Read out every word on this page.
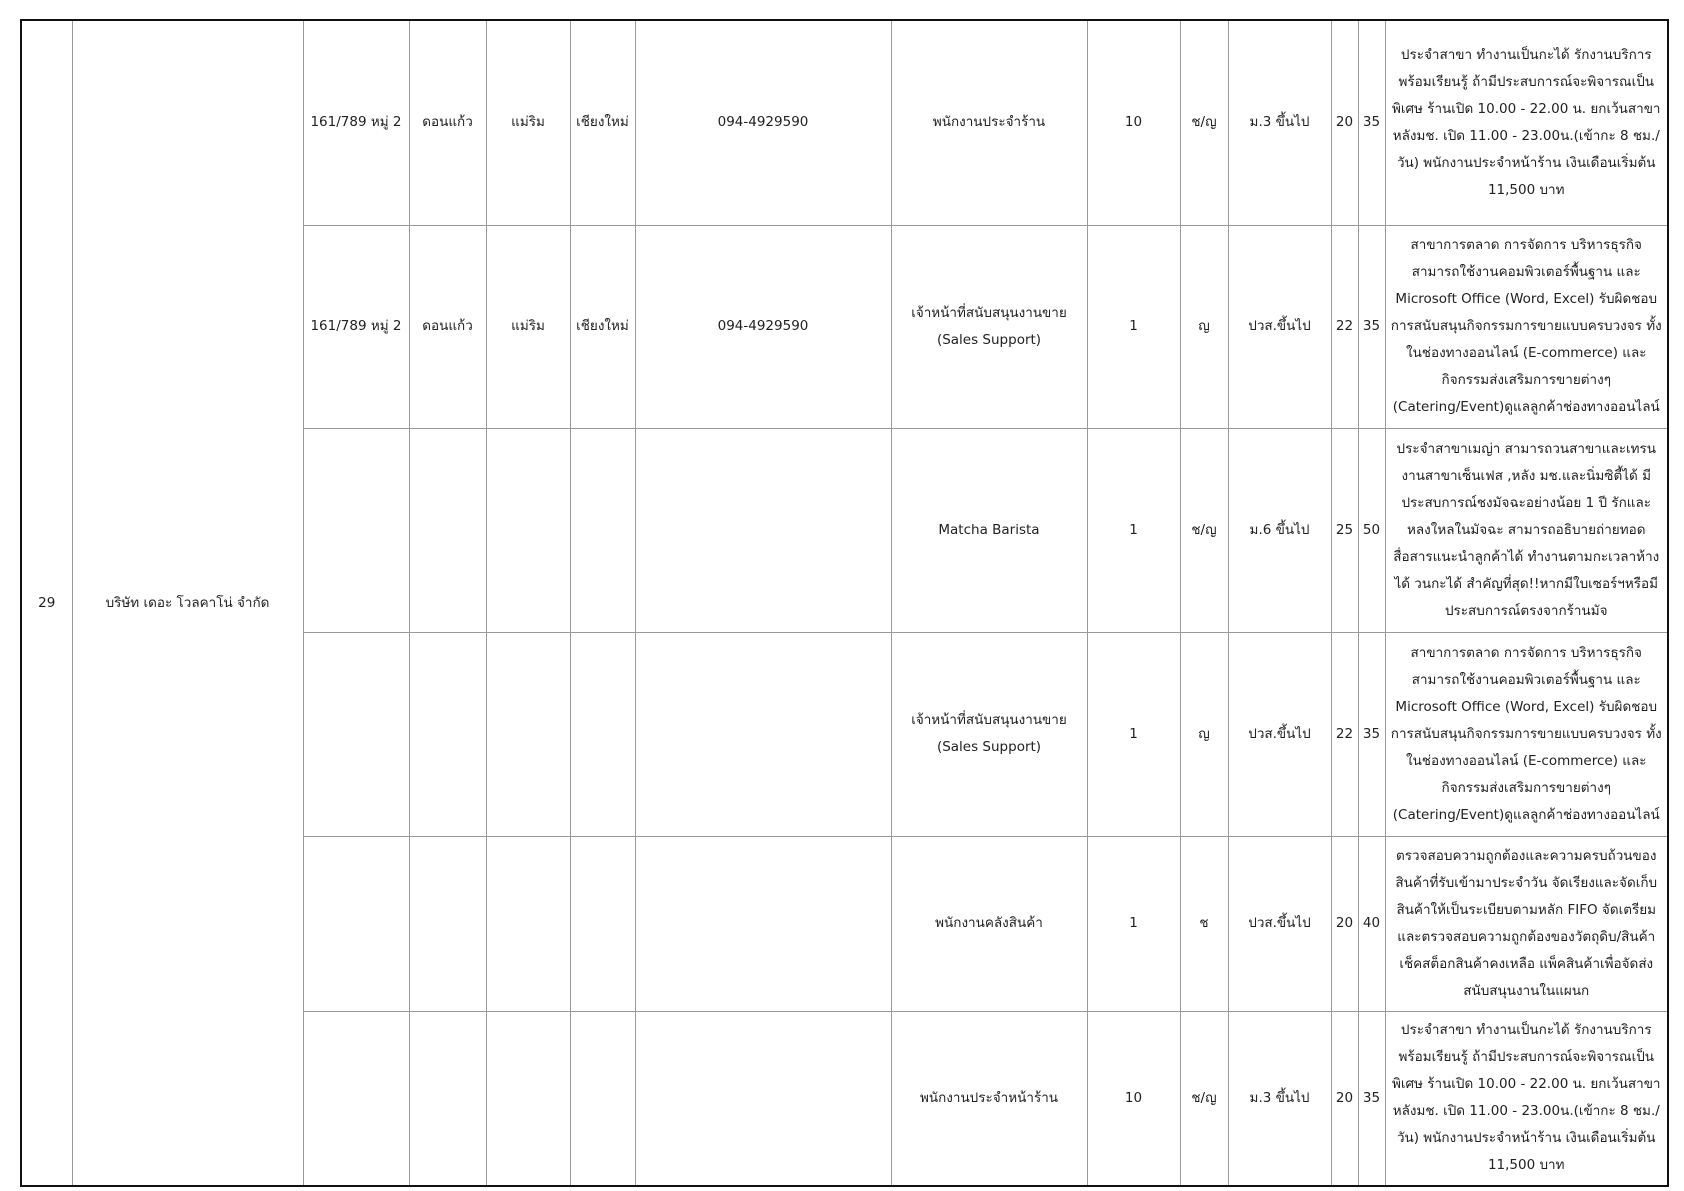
29	บริษัท เดอะ โวลคาโน่ จำกัด	161/789 หมู่ 2	ดอนแก้ว	แม่ริม	เชียงใหม่	094-4929590	พนักงานประจำร้าน	10	ช/ญ	ม.3 ขึ้นไป	20	35	ประจำสาขา ทำงานเป็นกะได้ รักงานบริการ พร้อมเรียนรู้ ถ้ามีประสบการณ์จะพิจารณเป็นพิเศษ ร้านเปิด 10.00 - 22.00 น. ยกเว้นสาขาหลังมช. เปิด 11.00 - 23.00น.(เข้ากะ 8 ชม./วัน) พนักงานประจำหน้าร้าน เงินเดือนเริ่มต้น 11,500 บาท
		161/789 หมู่ 2	ดอนแก้ว	แม่ริม	เชียงใหม่	094-4929590	เจ้าหน้าที่สนับสนุนงานขาย (Sales Support)	1	ญ	ปวส.ขึ้นไป	22	35	สาขาการตลาด การจัดการ บริหารธุรกิจสามารถใช้งานคอมพิวเตอร์พื้นฐาน และ Microsoft Office (Word, Excel) รับผิดชอบการสนับสนุนกิจกรรมการขายแบบครบวงจร ทั้งในช่องทางออนไลน์ (E-commerce) และกิจกรรมส่งเสริมการขายต่างๆ (Catering/Event)ดูแลลูกค้าช่องทางออนไลน์
							Matcha Barista	1	ช/ญ	ม.6 ขึ้นไป	25	50	ประจำสาขาเมญ่า สามารถวนสาขาและเทรนงานสาขาเซ็นเฟส ,หลัง มช.และนิ่มซิตี้ได้ มีประสบการณ์ชงมัจฉะอย่างน้อย 1 ปี รักและหลงใหลในมัจฉะ สามารถอธิบายถ่ายทอดสื่อสารแนะนำลูกค้าได้ ทำงานตามกะเวลาห้างได้ วนกะได้ สำคัญที่สุด!!หากมีใบเซอร์ฯหรือมีประสบการณ์ตรงจากร้านมัจ
							เจ้าหน้าที่สนับสนุนงานขาย (Sales Support)	1	ญ	ปวส.ขึ้นไป	22	35	สาขาการตลาด การจัดการ บริหารธุรกิจสามารถใช้งานคอมพิวเตอร์พื้นฐาน และ Microsoft Office (Word, Excel) รับผิดชอบการสนับสนุนกิจกรรมการขายแบบครบวงจร ทั้งในช่องทางออนไลน์ (E-commerce) และกิจกรรมส่งเสริมการขายต่างๆ (Catering/Event)ดูแลลูกค้าช่องทางออนไลน์
							พนักงานคลังสินค้า	1	ช	ปวส.ขึ้นไป	20	40	ตรวจสอบความถูกต้องและความครบถ้วนของสินค้าที่รับเข้ามาประจำวัน จัดเรียงและจัดเก็บสินค้าให้เป็นระเบียบตามหลัก FIFO จัดเตรียมและตรวจสอบความถูกต้องของวัตถุดิบ/สินค้า เช็คสต็อกสินค้าคงเหลือ แพ็คสินค้าเพื่อจัดส่ง สนับสนุนงานในแผนก
							พนักงานประจำหน้าร้าน	10	ช/ญ	ม.3 ขึ้นไป	20	35	ประจำสาขา ทำงานเป็นกะได้ รักงานบริการ พร้อมเรียนรู้ ถ้ามีประสบการณ์จะพิจารณเป็นพิเศษ ร้านเปิด 10.00 - 22.00 น. ยกเว้นสาขาหลังมช. เปิด 11.00 - 23.00น.(เข้ากะ 8 ชม./วัน) พนักงานประจำหน้าร้าน เงินเดือนเริ่มต้น 11,500 บาท
